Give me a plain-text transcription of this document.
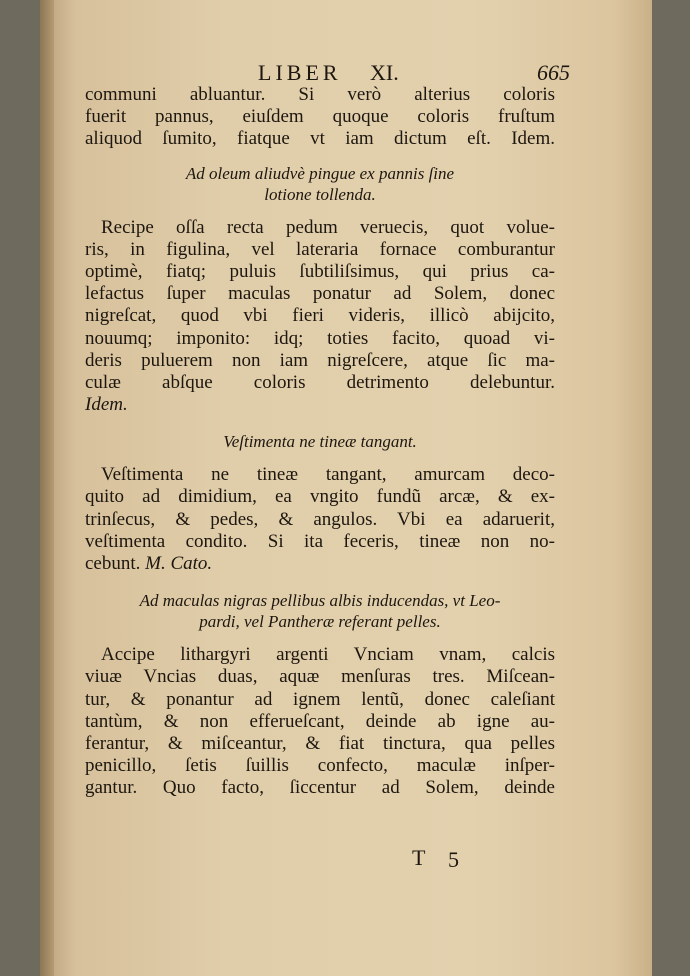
LIBER XI.	665
communi abluantur. Si verò alterius coloris
fuerit pannus, eiuſdem quoque coloris fruſtum
aliquod ſumito, fiatque vt iam dictum eſt. Idem.
Ad oleum aliudvè pingue ex pannis ſine
lotione tollenda.
Recipe oſſa recta pedum veruecis, quot volue-
ris, in figulina, vel lateraria fornace comburantur
optimè, fiatq; puluis ſubtiliſsimus, qui prius ca-
lefactus ſuper maculas ponatur ad Solem, donec
nigreſcat, quod vbi fieri videris, illicò abijcito,
nouumq; imponito: idq; toties facito, quoad vi-
deris puluerem non iam nigreſcere, atque ſic ma-
culæ abſque coloris detrimento delebuntur.
Idem.
Veſtimenta ne tineæ tangant.
Veſtimenta ne tineæ tangant, amurcam deco-
quito ad dimidium, ea vngito fundũ arcæ, & ex-
trinſecus, & pedes, & angulos. Vbi ea adaruerit,
veſtimenta condito. Si ita feceris, tineæ non no-
cebunt. M. Cato.
Ad maculas nigras pellibus albis inducendas, vt Leo-
pardi, vel Pantheræ referant pelles.
Accipe lithargyri argenti Vnciam vnam, calcis
viuæ Vncias duas, aquæ menſuras tres. Miſcean-
tur, & ponantur ad ignem lentũ, donec caleſiant
tantùm, & non efferueſcant, deinde ab igne au-
ferantur, & miſceantur, & fiat tinctura, qua pelles
penicillo, ſetis ſuillis confecto, maculæ inſper-
gantur. Quo facto, ſiccentur ad Solem, deinde
T 5
